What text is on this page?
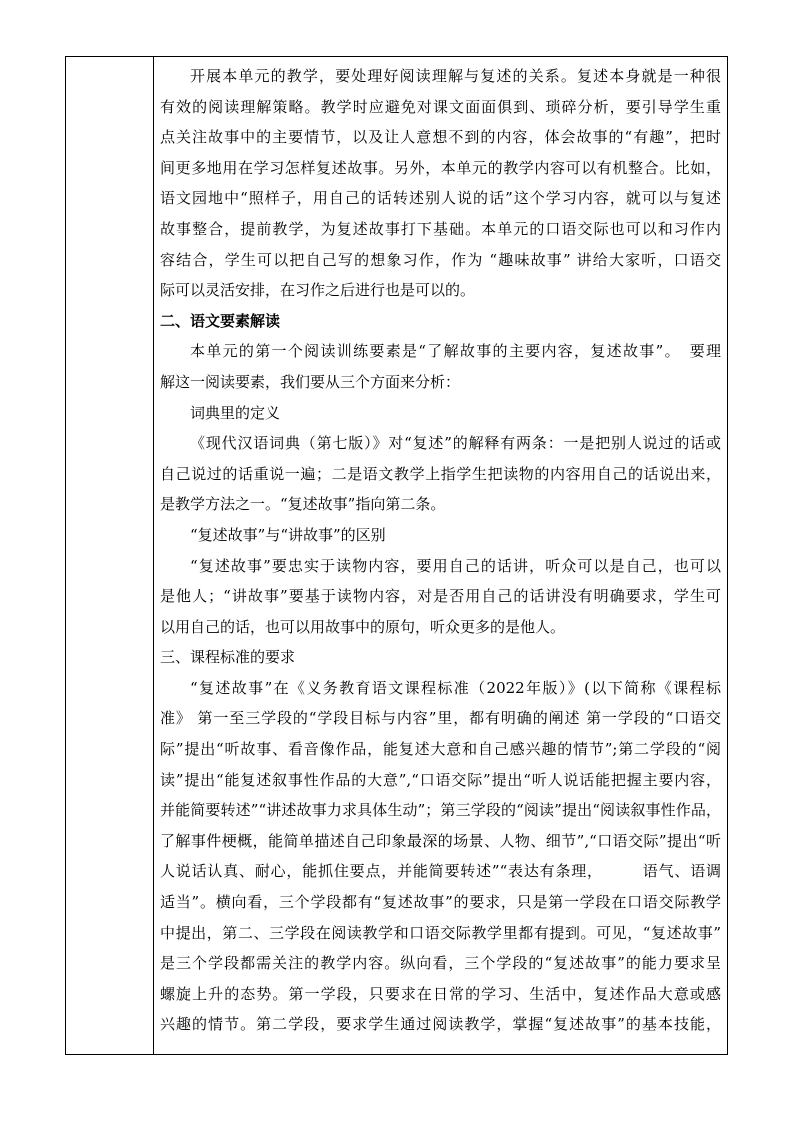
开展本单元的教学，要处理好阅读理解与复述的关系。复述本身就是一种很
有效的阅读理解策略。教学时应避免对课文面面俱到、琐碎分析，要引导学生重
点关注故事中的主要情节，以及让人意想不到的内容，体会故事的“有趣”，把时
间更多地用在学习怎样复述故事。另外，本单元的教学内容可以有机整合。比如，
语文园地中“照样子，用自己的话转述别人说的话”这个学习内容，就可以与复述
故事整合，提前教学，为复述故事打下基础。本单元的口语交际也可以和习作内
容结合，学生可以把自己写的想象习作，作为 “趣味故事” 讲给大家听，口语交
际可以灵活安排，在习作之后进行也是可以的。
二、语文要素解读
本单元的第一个阅读训练要素是“了解故事的主要内容，复述故事”。　要理
解这一阅读要素，我们要从三个方面来分析：
词典里的定义
《现代汉语词典（第七版）》对“复述”的解释有两条：一是把别人说过的话或
自己说过的话重说一遍；二是语文教学上指学生把读物的内容用自己的话说出来，
是教学方法之一。“复述故事”指向第二条。
“复述故事”与“讲故事”的区别
“复述故事”要忠实于读物内容，要用自己的话讲，听众可以是自己，也可以
是他人；“讲故事”要基于读物内容，对是否用自己的话讲没有明确要求，学生可
以用自己的话，也可以用故事中的原句，听众更多的是他人。
三、课程标准的要求
“复述故事”在《义务教育语文课程标准（2022年版）》(以下简称《课程标
准》 第一至三学段的“学段目标与内容”里，都有明确的阐述 第一学段的“口语交
际”提出“听故事、看音像作品，能复述大意和自己感兴趣的情节”;第二学段的“阅
读”提出“能复述叙事性作品的大意”,“口语交际”提出“听人说话能把握主要内容，
并能简要转述”“讲述故事力求具体生动”；第三学段的“阅读”提出“阅读叙事性作品，
了解事件梗概，能简单描述自己印象最深的场景、人物、细节”,“口语交际”提出“听
人说话认真、耐心，能抓住要点，并能简要转述”“表达有条理，　　　语气、语调
适当”。横向看，三个学段都有“复述故事”的要求，只是第一学段在口语交际教学
中提出，第二、三学段在阅读教学和口语交际教学里都有提到。可见，“复述故事”
是三个学段都需关注的教学内容。纵向看，三个学段的“复述故事”的能力要求呈
螺旋上升的态势。第一学段，只要求在日常的学习、生活中，复述作品大意或感
兴趣的情节。第二学段，要求学生通过阅读教学，掌握“复述故事”的基本技能，
